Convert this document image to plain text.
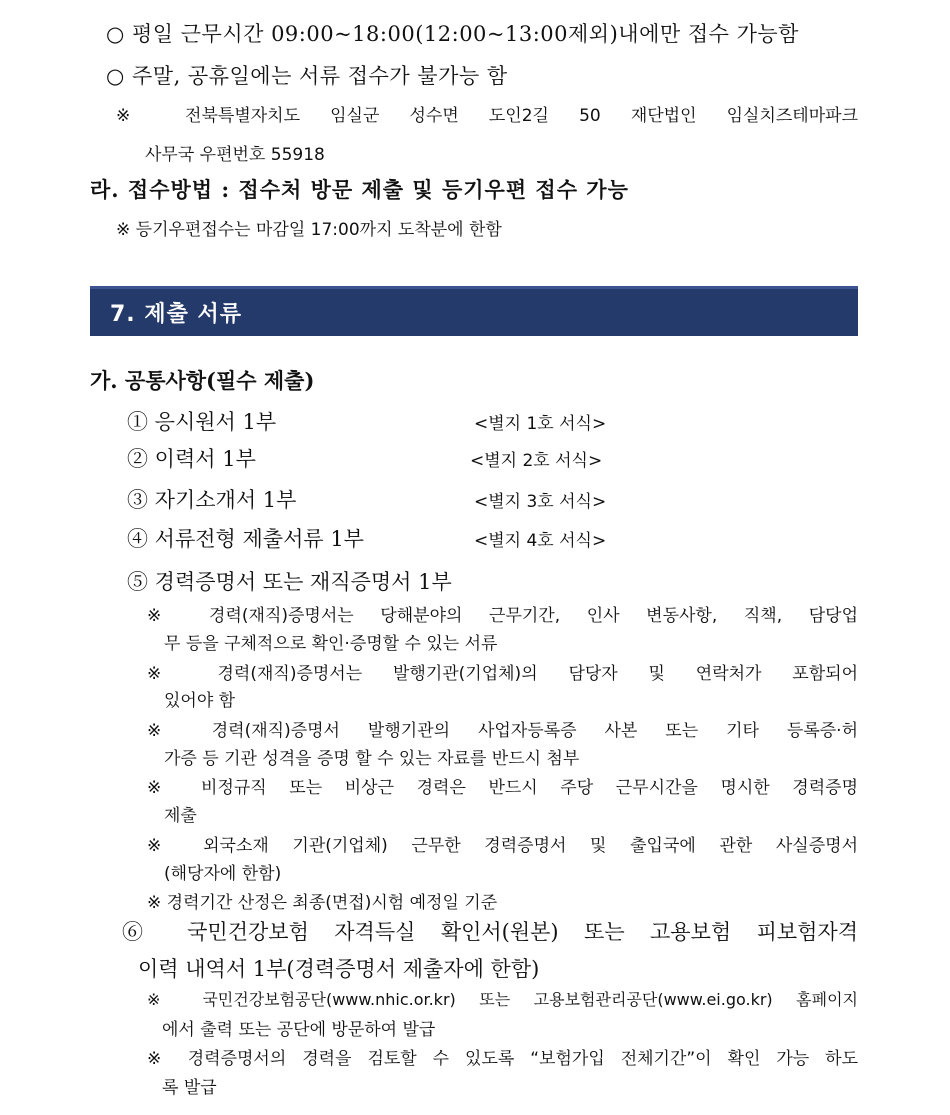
○ 평일 근무시간 09:00~18:00(12:00~13:00제외)내에만 접수 가능함
○ 주말, 공휴일에는 서류 접수가 불가능 함
※ 전북특별자치도 임실군 성수면 도인2길 50 재단법인 임실치즈테마파크
사무국 우편번호 55918
라. 접수방법 : 접수처 방문 제출 및 등기우편 접수 가능
※ 등기우편접수는 마감일 17:00까지 도착분에 한함
7. 제출 서류
가. 공통사항(필수 제출)
① 응시원서 1부	<별지 1호 서식>
② 이력서 1부	<별지 2호 서식>
③ 자기소개서 1부	<별지 3호 서식>
④ 서류전형 제출서류 1부	<별지 4호 서식>
⑤ 경력증명서 또는 재직증명서 1부
※ 경력(재직)증명서는 당해분야의 근무기간, 인사 변동사항, 직책, 담당업
무 등을 구체적으로 확인·증명할 수 있는 서류
※ 경력(재직)증명서는 발행기관(기업체)의 담당자 및 연락처가 포함되어
있어야 함
※ 경력(재직)증명서 발행기관의 사업자등록증 사본 또는 기타 등록증·허
가증 등 기관 성격을 증명 할 수 있는 자료를 반드시 첨부
※ 비정규직 또는 비상근 경력은 반드시 주당 근무시간을 명시한 경력증명
제출
※ 외국소재 기관(기업체) 근무한 경력증명서 및 출입국에 관한 사실증명서
(해당자에 한함)
※ 경력기간 산정은 최종(면접)시험 예정일 기준
⑥ 국민건강보험 자격득실 확인서(원본) 또는 고용보험 피보험자격
이력 내역서 1부(경력증명서 제출자에 한함)
※ 국민건강보험공단(www.nhic.or.kr) 또는 고용보험관리공단(www.ei.go.kr) 홈페이지
에서 출력 또는 공단에 방문하여 발급
※ 경력증명서의 경력을 검토할 수 있도록 “보험가입 전체기간”이 확인 가능 하도
록 발급
